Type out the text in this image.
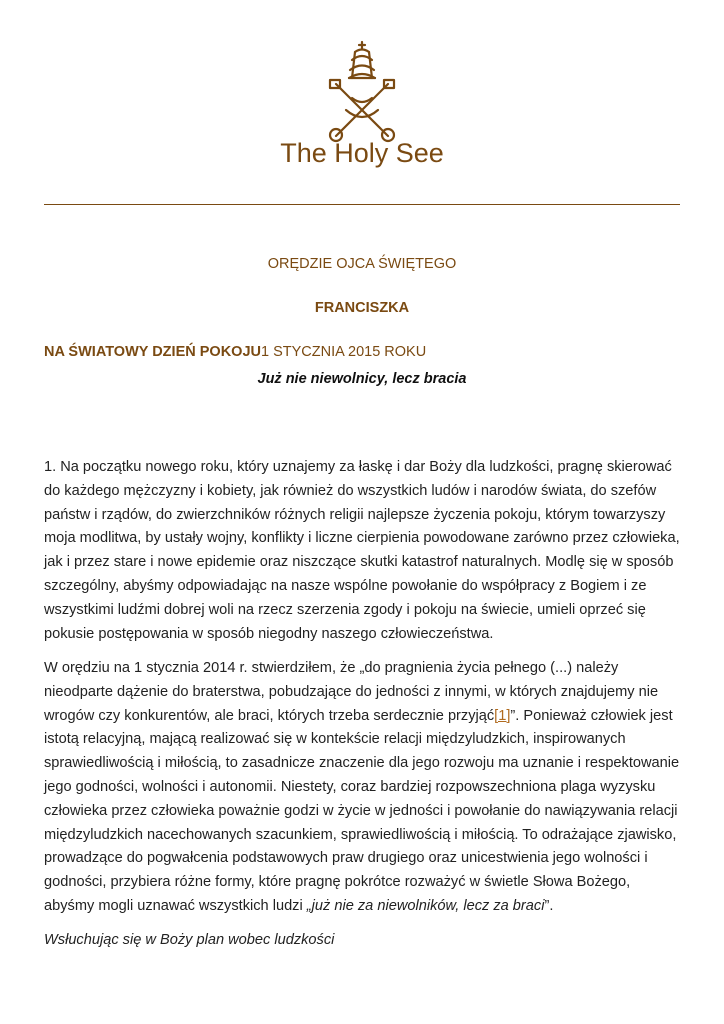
The Holy See
ORĘDZIE OJCA ŚWIĘTEGO
FRANCISZKA
NA ŚWIATOWY DZIEŃ POKOJU1 STYCZNIA 2015 ROKU
Już nie niewolnicy, lecz bracia
1. Na początku nowego roku, który uznajemy za łaskę i dar Boży dla ludzkości, pragnę skierować do każdego mężczyzny i kobiety, jak również do wszystkich ludów i narodów świata, do szefów państw i rządów, do zwierzchników różnych religii najlepsze życzenia pokoju, którym towarzyszy moja modlitwa, by ustały wojny, konflikty i liczne cierpienia powodowane zarówno przez człowieka, jak i przez stare i nowe epidemie oraz niszczące skutki katastrof naturalnych. Modlę się w sposób szczególny, abyśmy odpowiadając na nasze wspólne powołanie do współpracy z Bogiem i ze wszystkimi ludźmi dobrej woli na rzecz szerzenia zgody i pokoju na świecie, umieli oprzeć się pokusie postępowania w sposób niegodny naszego człowieczeństwa.
W orędziu na 1 stycznia 2014 r. stwierdziłem, że „do pragnienia życia pełnego (...) należy nieodparte dążenie do braterstwa, pobudzające do jedności z innymi, w których znajdujemy nie wrogów czy konkurentów, ale braci, których trzeba serdecznie przyjąć[1]”. Ponieważ człowiek jest istotą relacyjną, mającą realizować się w kontekście relacji międzyludzkich, inspirowanych sprawiedliwością i miłością, to zasadnicze znaczenie dla jego rozwoju ma uznanie i respektowanie jego godności, wolności i autonomii. Niestety, coraz bardziej rozpowszechniona plaga wyzysku człowieka przez człowieka poważnie godzi w życie w jedności i powołanie do nawiązywania relacji międzyludzkich nacechowanych szacunkiem, sprawiedliwością i miłością. To odrażające zjawisko, prowadzące do pogwałcenia podstawowych praw drugiego oraz unicestwienia jego wolności i godności, przybiera różne formy, które pragnę pokrótce rozważyć w świetle Słowa Bożego, abyśmy mogli uznawać wszystkich ludzi „już nie za niewolników, lecz za braci”.
Wsłuchując się w Boży plan wobec ludzkości
